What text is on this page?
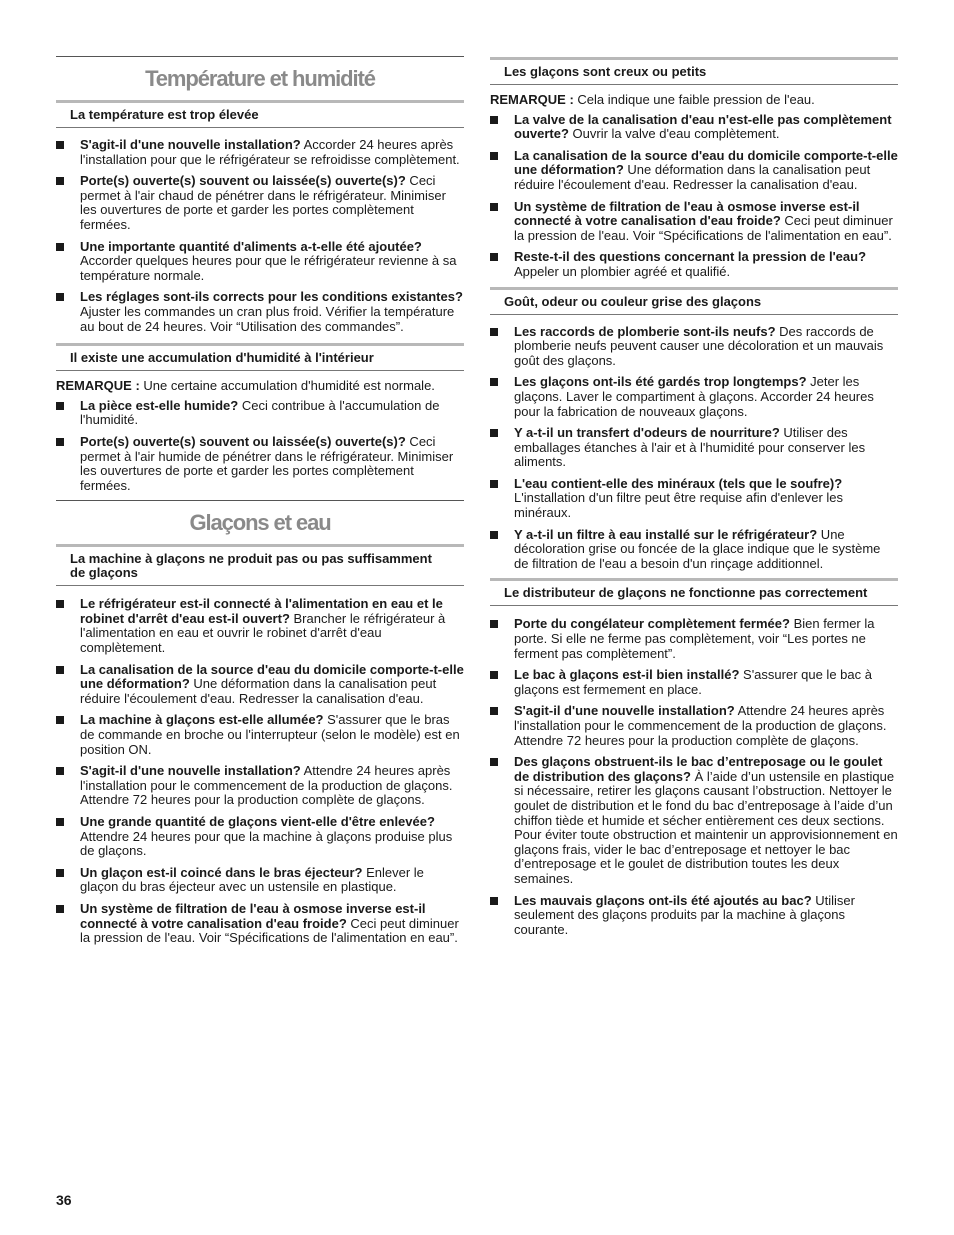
Température et humidité
La température est trop élevée
S'agit-il d'une nouvelle installation? Accorder 24 heures après l'installation pour que le réfrigérateur se refroidisse complètement.
Porte(s) ouverte(s) souvent ou laissée(s) ouverte(s)? Ceci permet à l'air chaud de pénétrer dans le réfrigérateur. Minimiser les ouvertures de porte et garder les portes complètement fermées.
Une importante quantité d'aliments a-t-elle été ajoutée? Accorder quelques heures pour que le réfrigérateur revienne à sa température normale.
Les réglages sont-ils corrects pour les conditions existantes? Ajuster les commandes un cran plus froid. Vérifier la température au bout de 24 heures. Voir “Utilisation des commandes”.
Il existe une accumulation d'humidité à l'intérieur
REMARQUE : Une certaine accumulation d'humidité est normale.
La pièce est-elle humide? Ceci contribue à l'accumulation de l'humidité.
Porte(s) ouverte(s) souvent ou laissée(s) ouverte(s)? Ceci permet à l'air humide de pénétrer dans le réfrigérateur. Minimiser les ouvertures de porte et garder les portes complètement fermées.
Glaçons et eau
La machine à glaçons ne produit pas ou pas suffisamment de glaçons
Le réfrigérateur est-il connecté à l'alimentation en eau et le robinet d'arrêt d'eau est-il ouvert? Brancher le réfrigérateur à l'alimentation en eau et ouvrir le robinet d'arrêt d'eau complètement.
La canalisation de la source d'eau du domicile comporte-t-elle une déformation? Une déformation dans la canalisation peut réduire l'écoulement d'eau. Redresser la canalisation d'eau.
La machine à glaçons est-elle allumée? S'assurer que le bras de commande en broche ou l'interrupteur (selon le modèle) est en position ON.
S'agit-il d'une nouvelle installation? Attendre 24 heures après l'installation pour le commencement de la production de glaçons. Attendre 72 heures pour la production complète de glaçons.
Une grande quantité de glaçons vient-elle d'être enlevée? Attendre 24 heures pour que la machine à glaçons produise plus de glaçons.
Un glaçon est-il coincé dans le bras éjecteur? Enlever le glaçon du bras éjecteur avec un ustensile en plastique.
Un système de filtration de l'eau à osmose inverse est-il connecté à votre canalisation d'eau froide? Ceci peut diminuer la pression de l'eau. Voir “Spécifications de l'alimentation en eau”.
Les glaçons sont creux ou petits
REMARQUE : Cela indique une faible pression de l'eau.
La valve de la canalisation d'eau n'est-elle pas complètement ouverte? Ouvrir la valve d'eau complètement.
La canalisation de la source d'eau du domicile comporte-t-elle une déformation? Une déformation dans la canalisation peut réduire l'écoulement d'eau. Redresser la canalisation d'eau.
Un système de filtration de l'eau à osmose inverse est-il connecté à votre canalisation d'eau froide? Ceci peut diminuer la pression de l'eau. Voir “Spécifications de l'alimentation en eau”.
Reste-t-il des questions concernant la pression de l'eau? Appeler un plombier agréé et qualifié.
Goût, odeur ou couleur grise des glaçons
Les raccords de plomberie sont-ils neufs? Des raccords de plomberie neufs peuvent causer une décoloration et un mauvais goût des glaçons.
Les glaçons ont-ils été gardés trop longtemps? Jeter les glaçons. Laver le compartiment à glaçons. Accorder 24 heures pour la fabrication de nouveaux glaçons.
Y a-t-il un transfert d'odeurs de nourriture? Utiliser des emballages étanches à l'air et à l'humidité pour conserver les aliments.
L'eau contient-elle des minéraux (tels que le soufre)? L'installation d'un filtre peut être requise afin d'enlever les minéraux.
Y a-t-il un filtre à eau installé sur le réfrigérateur? Une décoloration grise ou foncée de la glace indique que le système de filtration de l'eau a besoin d'un rinçage additionnel.
Le distributeur de glaçons ne fonctionne pas correctement
Porte du congélateur complètement fermée? Bien fermer la porte. Si elle ne ferme pas complètement, voir “Les portes ne ferment pas complètement”.
Le bac à glaçons est-il bien installé? S'assurer que le bac à glaçons est fermement en place.
S'agit-il d'une nouvelle installation? Attendre 24 heures après l'installation pour le commencement de la production de glaçons. Attendre 72 heures pour la production complète de glaçons.
Des glaçons obstruent-ils le bac d’entreposage ou le goulet de distribution des glaçons? À l’aide d’un ustensile en plastique si nécessaire, retirer les glaçons causant l’obstruction. Nettoyer le goulet de distribution et le fond du bac d’entreposage à l’aide d’un chiffon tiède et humide et sécher entièrement ces deux sections. Pour éviter toute obstruction et maintenir un approvisionnement en glaçons frais, vider le bac d’entreposage et nettoyer le bac d’entreposage et le goulet de distribution toutes les deux semaines.
Les mauvais glaçons ont-ils été ajoutés au bac? Utiliser seulement des glaçons produits par la machine à glaçons courante.
36
